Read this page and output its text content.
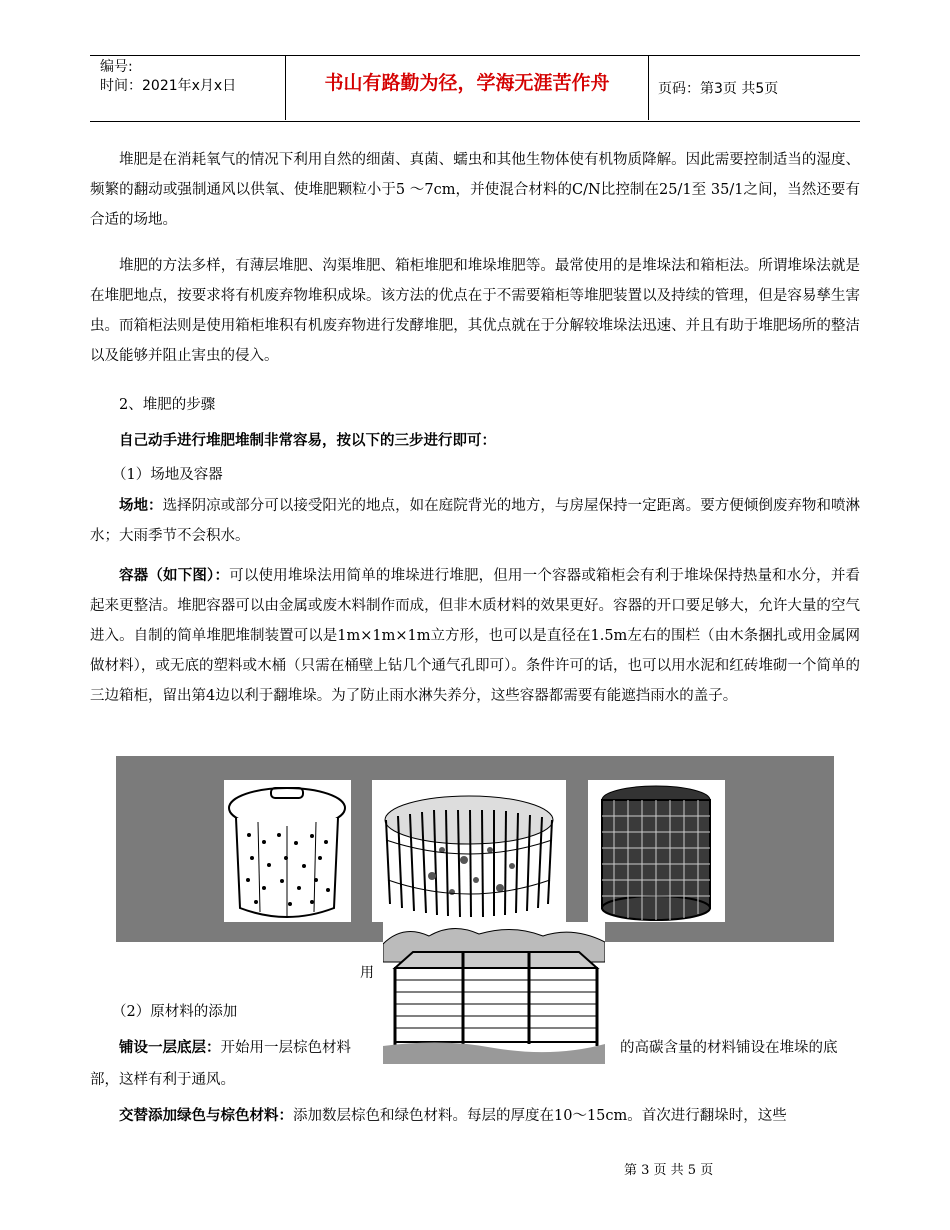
编号:
时间：2021年x月x日	书山有路勤为径，学海无涯苦作舟	页码：第3页 共5页
堆肥是在消耗氧气的情况下利用自然的细菌、真菌、蠕虫和其他生物体使有机物质降解。因此需要控制适当的湿度、频繁的翻动或强制通风以供氧、使堆肥颗粒小于5 ～7cm，并使混合材料的C/N比控制在25/1至 35/1之间，当然还要有合适的场地。
堆肥的方法多样，有薄层堆肥、沟渠堆肥、箱柜堆肥和堆垛堆肥等。最常使用的是堆垛法和箱柜法。所谓堆垛法就是在堆肥地点，按要求将有机废弃物堆积成垛。该方法的优点在于不需要箱柜等堆肥装置以及持续的管理，但是容易孳生害虫。而箱柜法则是使用箱柜堆积有机废弃物进行发酵堆肥，其优点就在于分解较堆垛法迅速、并且有助于堆肥场所的整洁以及能够并阻止害虫的侵入。
2、堆肥的步骤
自己动手进行堆肥堆制非常容易，按以下的三步进行即可：
（1）场地及容器
场地：选择阴凉或部分可以接受阳光的地点，如在庭院背光的地方，与房屋保持一定距离。要方便倾倒废弃物和喷淋水；大雨季节不会积水。
容器（如下图）：可以使用堆垛法用简单的堆垛进行堆肥，但用一个容器或箱柜会有利于堆垛保持热量和水分，并看起来更整洁。堆肥容器可以由金属或废木料制作而成，但非木质材料的效果更好。容器的开口要足够大，允许大量的空气进入。自制的简单堆肥堆制装置可以是1m×1m×1m立方形，也可以是直径在1.5m左右的围栏（由木条捆扎或用金属网做材料），或无底的塑料或木桶（只需在桶壁上钻几个通气孔即可）。条件许可的话，也可以用水泥和红砖堆砌一个简单的三边箱柜，留出第4边以利于翻堆垛。为了防止雨水淋失养分，这些容器都需要有能遮挡雨水的盖子。
用
（2）原材料的添加
铺设一层底层：开始用一层棕色材料	的高碳含量的材料铺设在堆垛的底
部，这样有利于通风。
交替添加绿色与棕色材料：添加数层棕色和绿色材料。每层的厚度在10～15cm。首次进行翻垛时，这些
第 3 页 共 5 页
